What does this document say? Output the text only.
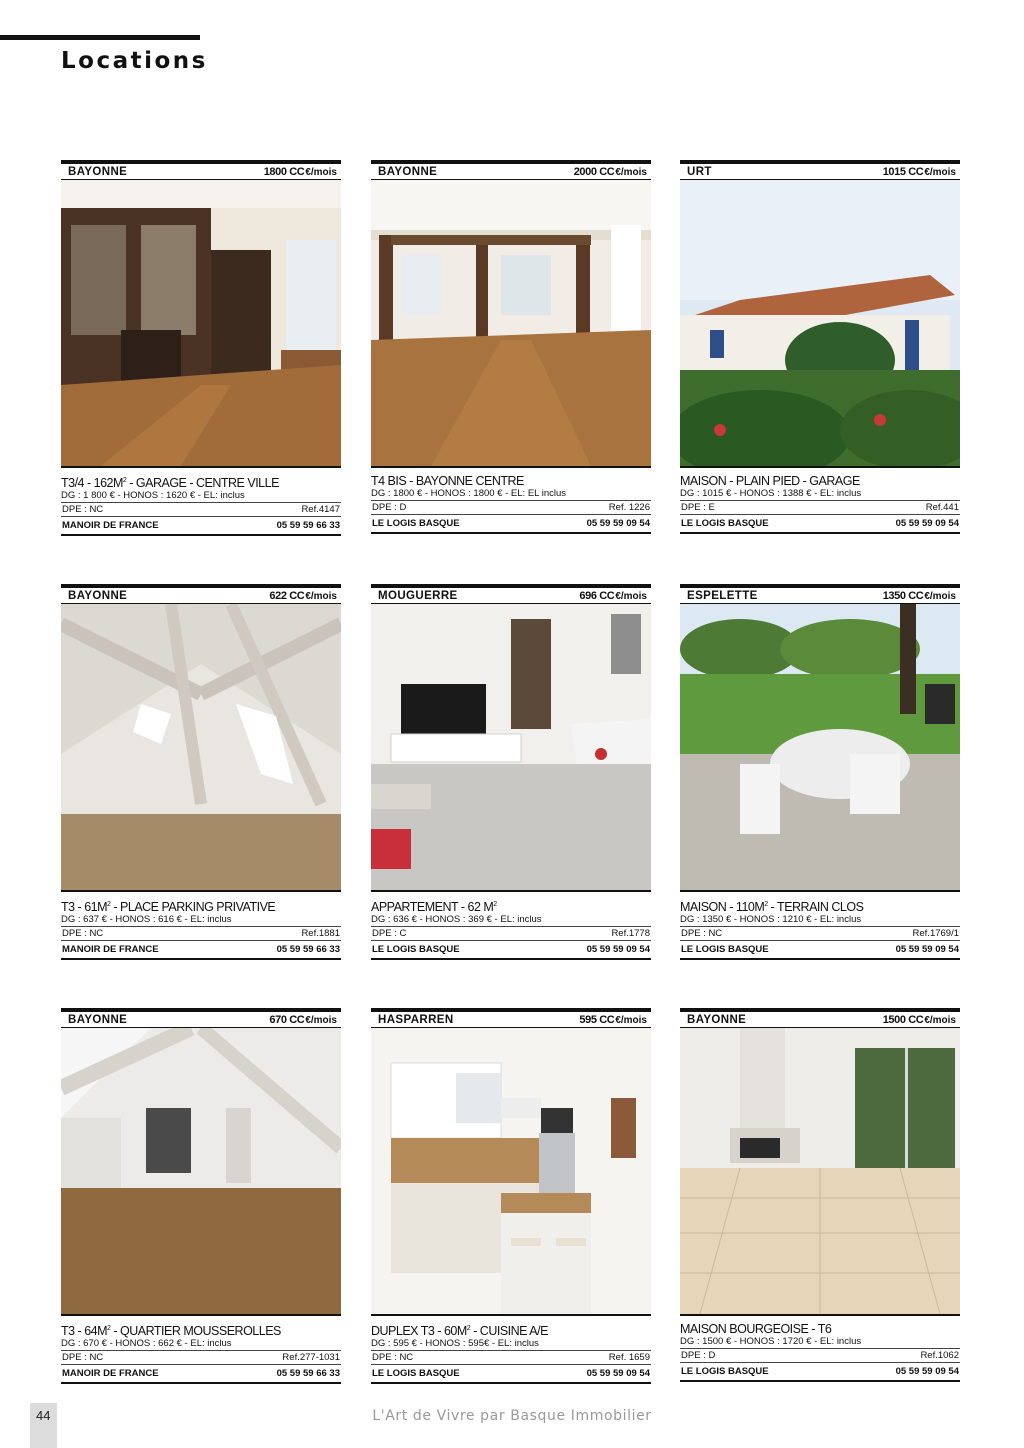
Locations
BAYONNE	1800 CC€/mois
$T3/4 - 162M^2$ - GARAGE - CENTRE VILLE
DG : 1 800 € - HONOS : 1620 € - EL: inclus
DPE : NC	Ref.4147
MANOIR DE FRANCE	05 59 59 66 33
BAYONNE	2000 CC€/mois
T4 BIS - BAYONNE CENTRE
DG : 1800 € - HONOS : 1800 € - EL: EL inclus
DPE : D	Ref. 1226
LE LOGIS BASQUE	05 59 59 09 54
URT	1015 CC€/mois
MAISON - PLAIN PIED - GARAGE
DG : 1015 € - HONOS : 1388 € - EL: inclus
DPE : E	Ref.441
LE LOGIS BASQUE	05 59 59 09 54
BAYONNE	622 CC€/mois
$T3 - 61M^2$ - PLACE PARKING PRIVATIVE
DG : 637 € - HONOS : 616 € - EL: inclus
DPE : NC	Ref.1881
MANOIR DE FRANCE	05 59 59 66 33
MOUGUERRE	696 CC€/mois
APPARTEMENT - 62 $M^2$
DG : 636 € - HONOS : 369 € - EL: inclus
DPE : C	Ref.1778
LE LOGIS BASQUE	05 59 59 09 54
ESPELETTE	1350 CC€/mois
MAISON - $110M^2$ - TERRAIN CLOS
DG : 1350 € - HONOS : 1210 € - EL: inclus
DPE : NC	Ref.1769/1
LE LOGIS BASQUE	05 59 59 09 54
BAYONNE	670 CC€/mois
$T3 - 64M^2$ - QUARTIER MOUSSEROLLES
DG : 670 € - HONOS : 662 € - EL: inclus
DPE : NC	Ref.277-1031
MANOIR DE FRANCE	05 59 59 66 33
HASPARREN	595 CC€/mois
DUPLEX $T3 - 60M^2$ - CUISINE A/E
DG : 595 € - HONOS : 595€ - EL: inclus
DPE : NC	Ref. 1659
LE LOGIS BASQUE	05 59 59 09 54
BAYONNE	1500 CC€/mois
MAISON BOURGEOISE - T6
DG : 1500 € - HONOS : 1720 € - EL: inclus
DPE : D	Ref.1062
LE LOGIS BASQUE	05 59 59 09 54
44	L'Art de Vivre par Basque Immobilier
